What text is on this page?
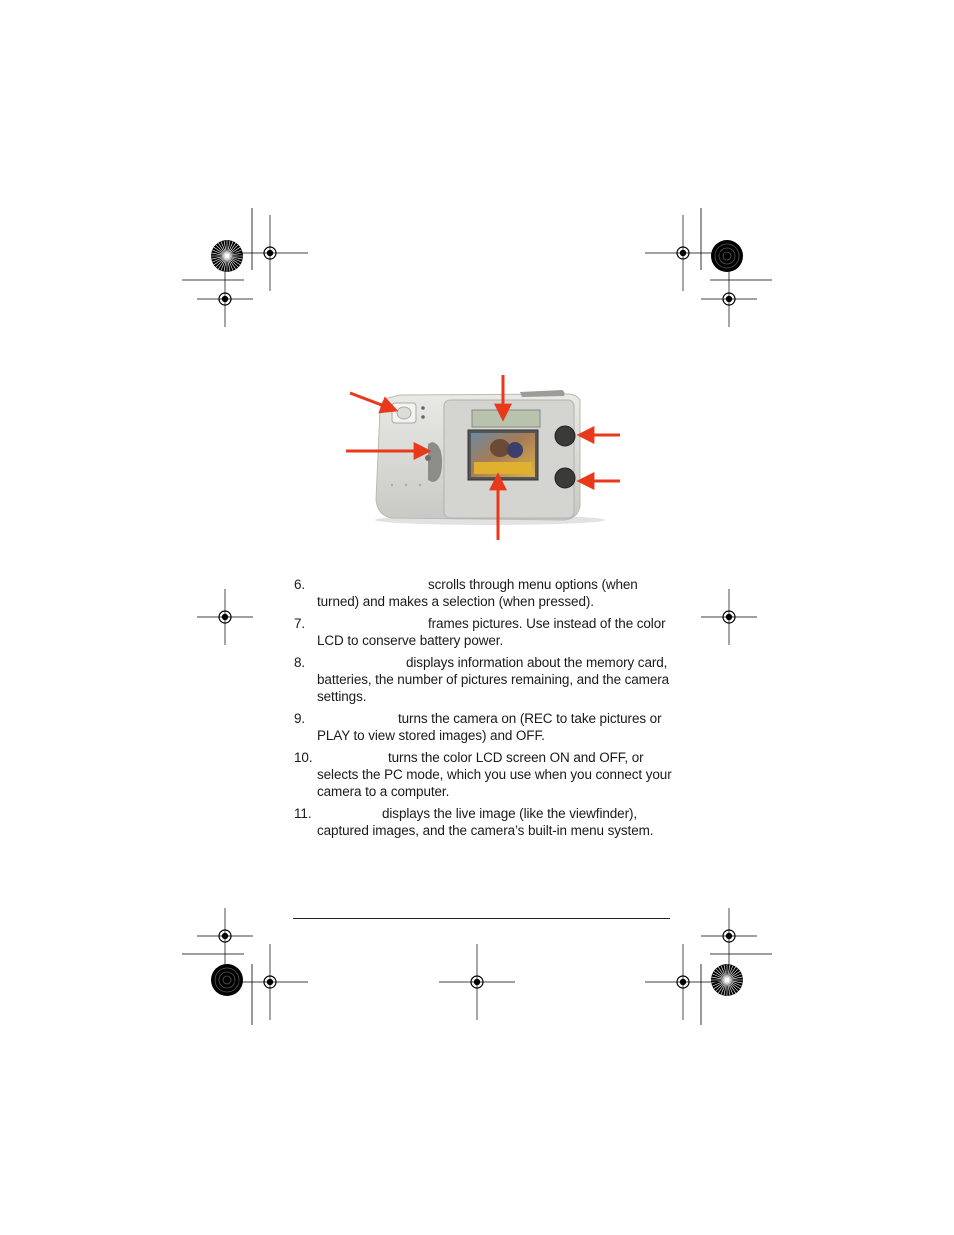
6.	scrolls through menu options (when turned) and makes a selection (when pressed).
7.	frames pictures. Use instead of the color LCD to conserve battery power.
8.	displays information about the memory card, batteries, the number of pictures remaining, and the camera settings.
9.	turns the camera on (REC to take pictures or PLAY to view stored images) and OFF.
10.	turns the color LCD screen ON and OFF, or selects the PC mode, which you use when you connect your camera to a computer.
11.	displays the live image (like the viewfinder), captured images, and the camera’s built-in menu system.
